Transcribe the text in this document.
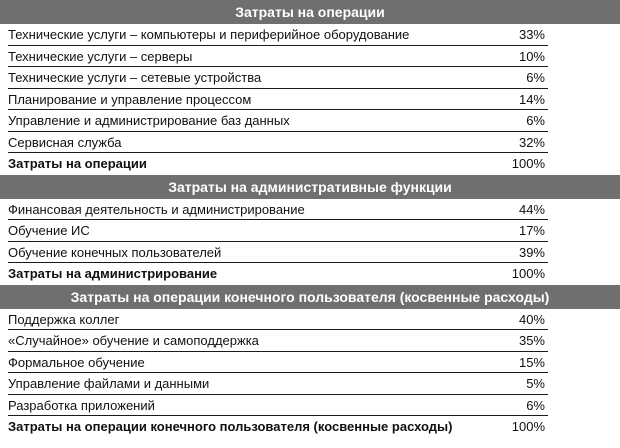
Затраты на операции
Технические услуги – компьютеры и периферийное оборудование	33%
Технические услуги – серверы	10%
Технические услуги – сетевые устройства	6%
Планирование и управление процессом	14%
Управление и администрирование баз данных	6%
Сервисная служба	32%
Затраты на операции	100%
Затраты на административные функции
Финансовая деятельность и администрирование	44%
Обучение ИС	17%
Обучение конечных пользователей	39%
Затраты на администрирование	100%
Затраты на операции конечного пользователя (косвенные расходы)
Поддержка коллег	40%
«Случайное» обучение и самоподдержка	35%
Формальное обучение	15%
Управление файлами и данными	5%
Разработка приложений	6%
Затраты на операции конечного пользователя (косвенные расходы)	100%
